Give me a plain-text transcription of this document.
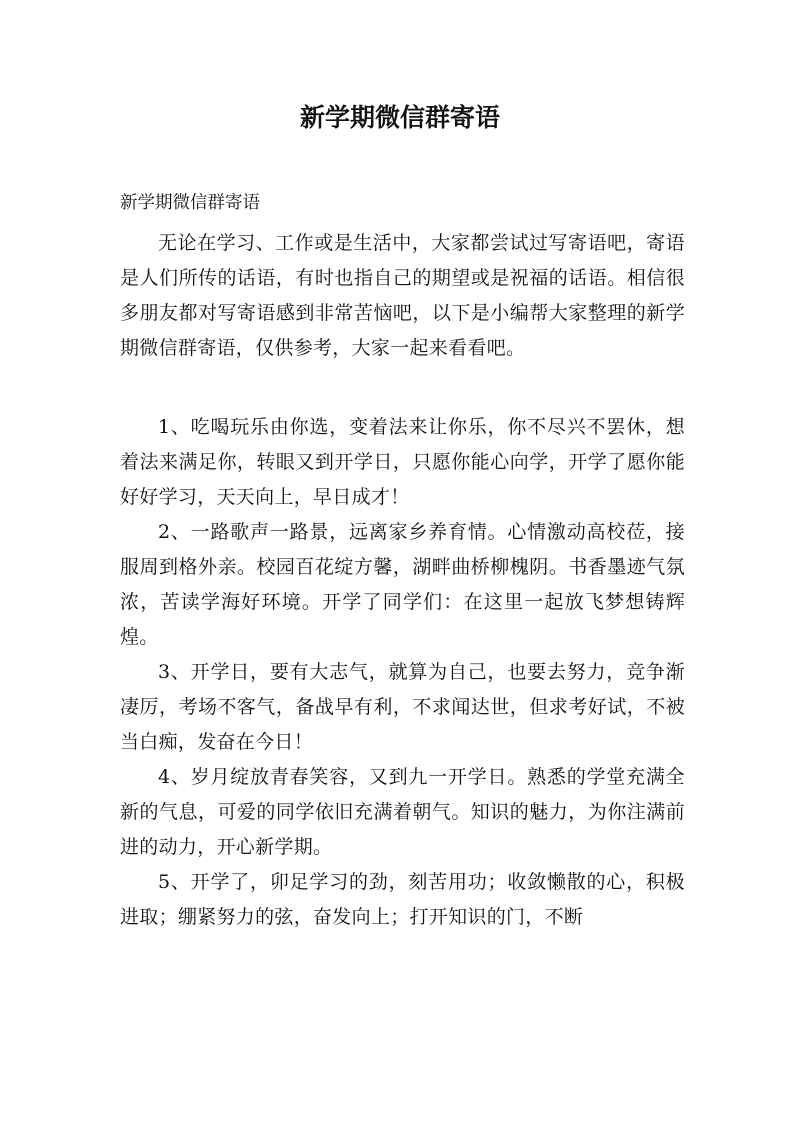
新学期微信群寄语

新学期微信群寄语

无论在学习、工作或是生活中，大家都尝试过写寄语吧，寄语是人们所传的话语，有时也指自己的期望或是祝福的话语。相信很多朋友都对写寄语感到非常苦恼吧，以下是小编帮大家整理的新学期微信群寄语，仅供参考，大家一起来看看吧。

1、吃喝玩乐由你选，变着法来让你乐，你不尽兴不罢休，想着法来满足你，转眼又到开学日，只愿你能心向学，开学了愿你能好好学习，天天向上，早日成才！

2、一路歌声一路景，远离家乡养育情。心情激动高校莅，接服周到格外亲。校园百花绽方馨，湖畔曲桥柳槐阴。书香墨迹气氛浓，苦读学海好环境。开学了同学们：在这里一起放飞梦想铸辉煌。

3、开学日，要有大志气，就算为自己，也要去努力，竞争渐凄厉，考场不客气，备战早有利，不求闻达世，但求考好试，不被当白痴，发奋在今日！

4、岁月绽放青春笑容，又到九一开学日。熟悉的学堂充满全新的气息，可爱的同学依旧充满着朝气。知识的魅力，为你注满前进的动力，开心新学期。

5、开学了，卯足学习的劲，刻苦用功；收敛懒散的心，积极进取；绷紧努力的弦，奋发向上；打开知识的门，不断
